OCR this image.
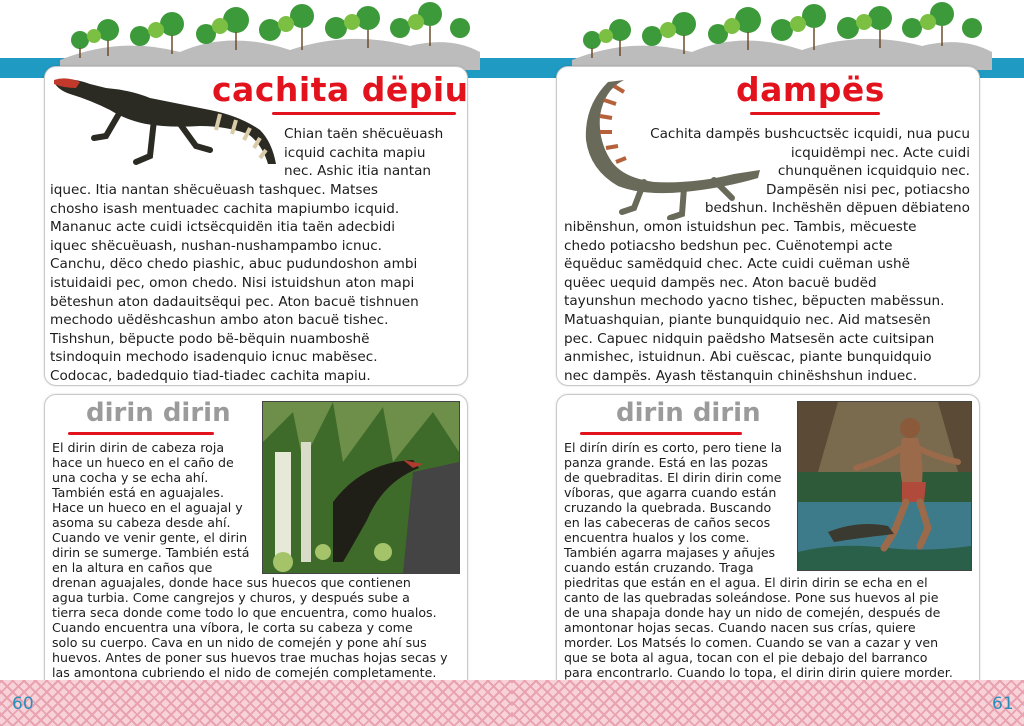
cachita dëpiu
Chian taën shëcuëuash
icquid cachita mapiu
nec. Ashic itia nantan
iquec. Itia nantan shëcuëuash tashquec. Matses
chosho isash mentuadec cachita mapiumbo icquid.
Mananuc acte cuidi ictsëcquidën itia taën adecbidi
iquec shëcuëuash, nushan-nushampambo icnuc.
Canchu, dëco chedo piashic, abuc pudundoshon ambi
istuidaidi pec, omon chedo. Nisi istuidshun aton mapi
bëteshun aton dadauitsëqui pec. Aton bacuë tishnuen
mechodo uëdëshcashun ambo aton bacuë tishec.
Tishshun, bëpucte podo bë-bëquin nuamboshë
tsindoquin mechodo isadenquio icnuc mabësec.
Codocac, badedquio tiad-tiadec cachita mapiu.
dirin dirin

El dirin dirin de cabeza roja

hace un hueco en el caño de

una cocha y se echa ahí.

También está en aguajales.

Hace un hueco en el aguajal y

asoma su cabeza desde ahí.

Cuando ve venir gente, el dirin

dirin se sumerge. También está

en la altura en caños que

drenan aguajales, donde hace sus huecos que contienen

agua turbia. Come cangrejos y churos, y después sube a

tierra seca donde come todo lo que encuentra, como hualos.

Cuando encuentra una víbora, le corta su cabeza y come

solo su cuerpo. Cava en un nido de comején y pone ahí sus

huevos. Antes de poner sus huevos trae muchas hojas secas y

las amontona cubriendo el nido de comején completamente.

60
dampës
Cachita dampës bushcuctsëc icquidi, nua pucu
icquidëmpi nec. Acte cuidi
chunquënen icquidquio nec.
Dampësën nisi pec, potiacsho
bedshun. Inchëshën dëpuen dëbiateno
nibënshun, omon istuidshun pec. Tambis, mëcueste
chedo potiacsho bedshun pec. Cuënotempi acte
ëquëduc samëdquid chec. Acte cuidi cuëman ushë
quëec uequid dampës nec. Aton bacuë budëd
tayunshun mechodo yacno tishec, bëpucten mabëssun.
Matuashquian, piante bunquidquio nec. Aid matsesën
pec. Capuec nidquin paëdsho Matsesën acte cuitsipan
anmishec, istuidnun. Abi cuëscac, piante bunquidquio
nec dampës. Ayash tëstanquin chinëshshun induec.
dirin dirin

El dirín dirín es corto, pero tiene la

panza grande. Está en las pozas

de quebraditas. El dirin dirin come

víboras, que agarra cuando están

cruzando la quebrada. Buscando

en las cabeceras de caños secos

encuentra hualos y los come.

También agarra majases y añujes

cuando están cruzando. Traga

piedritas que están en el agua. El dirin dirin se echa en el

canto de las quebradas soleándose. Pone sus huevos al pie

de una shapaja donde hay un nido de comején, después de

amontonar hojas secas. Cuando nacen sus crías, quiere

morder. Los Matsés lo comen. Cuando se van a cazar y ven

que se bota al agua, tocan con el pie debajo del barranco

para encontrarlo. Cuando lo topa, el dirin dirin quiere morder.

61
